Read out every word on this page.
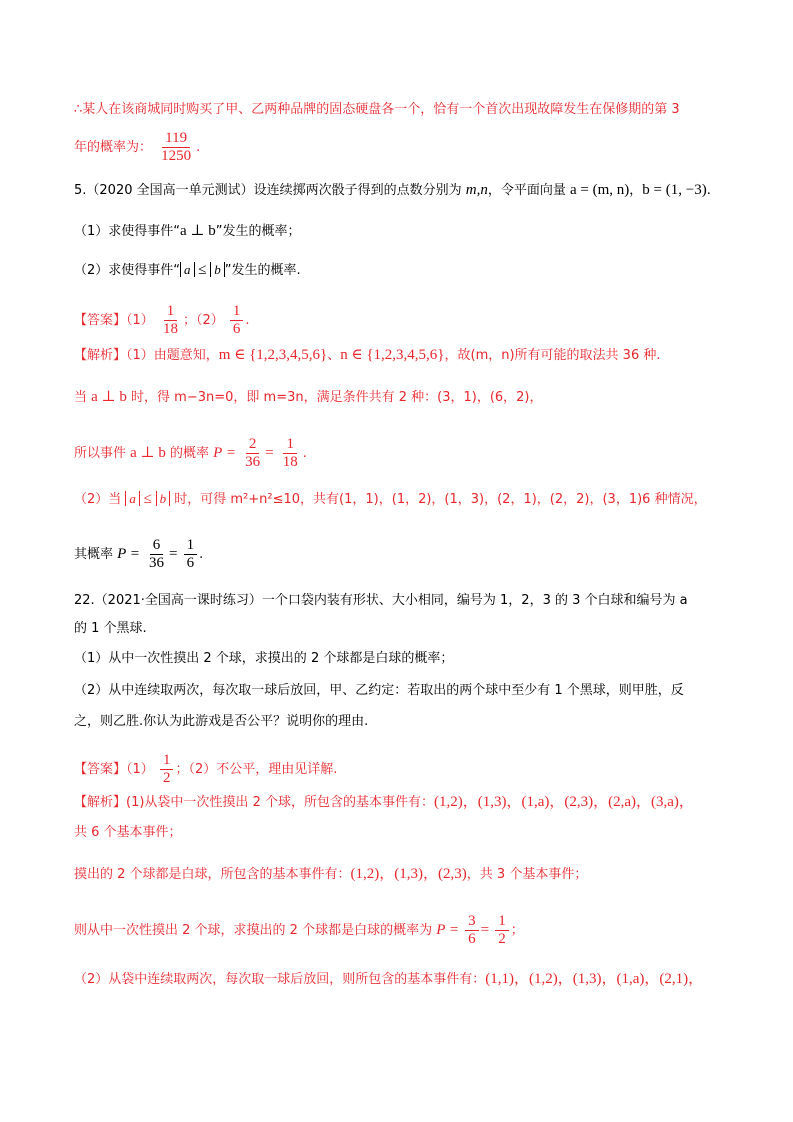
∴某人在该商城同时购买了甲、乙两种品牌的固态硬盘各一个，恰有一个首次出现故障发生在保修期的第 3
年的概率为： $\frac{119}{1250}$ .
5.（2020 全国高一单元测试）设连续掷两次骰子得到的点数分别为 m,n，令平面向量 a = (m, n)，b = (1, −3).
（1）求使得事件“a ⊥ b”发生的概率；
（2）求使得事件“ a ≤ b ”发生的概率.
【答案】$(1) \frac{1}{18}$ ；$(2) \frac{1}{6}$ .
【解析】（1）由题意知，m ∈ {1,2,3,4,5,6}、n ∈ {1,2,3,4,5,6}，故(m，n)所有可能的取法共 36 种.
当 a ⊥ b 时，得 m−3n=0，即 m=3n，满足条件共有 2 种：(3，1)，(6，2)，
所以事件 a ⊥ b 的概率 $P = \frac{2}{36} = \frac{1}{18}$ .
（2）当 a ≤ b 时，可得 m²+n²≤10，共有(1，1)，(1，2)，(1，3)，(2，1)，(2，2)，(3，1)6 种情况，
其概率 $P = \frac{6}{36} = \frac{1}{6}$ .
22.（2021·全国高一课时练习）一个口袋内装有形状、大小相同，编号为 1，2，3 的 3 个白球和编号为 a
的 1 个黑球.
（1）从中一次性摸出 2 个球，求摸出的 2 个球都是白球的概率；
（2）从中连续取两次，每次取一球后放回，甲、乙约定：若取出的两个球中至少有 1 个黑球，则甲胜，反
之，则乙胜.你认为此游戏是否公平？说明你的理由.
【答案】$(1) \frac{1}{2}$ ；（2）不公平，理由见详解.
【解析】(1)从袋中一次性摸出 2 个球，所包含的基本事件有：(1,2)，(1,3)，(1,a)，(2,3)，(2,a)，(3,a)，
共 6 个基本事件；
摸出的 2 个球都是白球，所包含的基本事件有：(1,2)，(1,3)，(2,3)，共 3 个基本事件；
则从中一次性摸出 2 个球，求摸出的 2 个球都是白球的概率为 $P = \frac{3}{6} = \frac{1}{2}$ ；
（2）从袋中连续取两次，每次取一球后放回，则所包含的基本事件有：(1,1)，(1,2)，(1,3)，(1,a)，(2,1)，
